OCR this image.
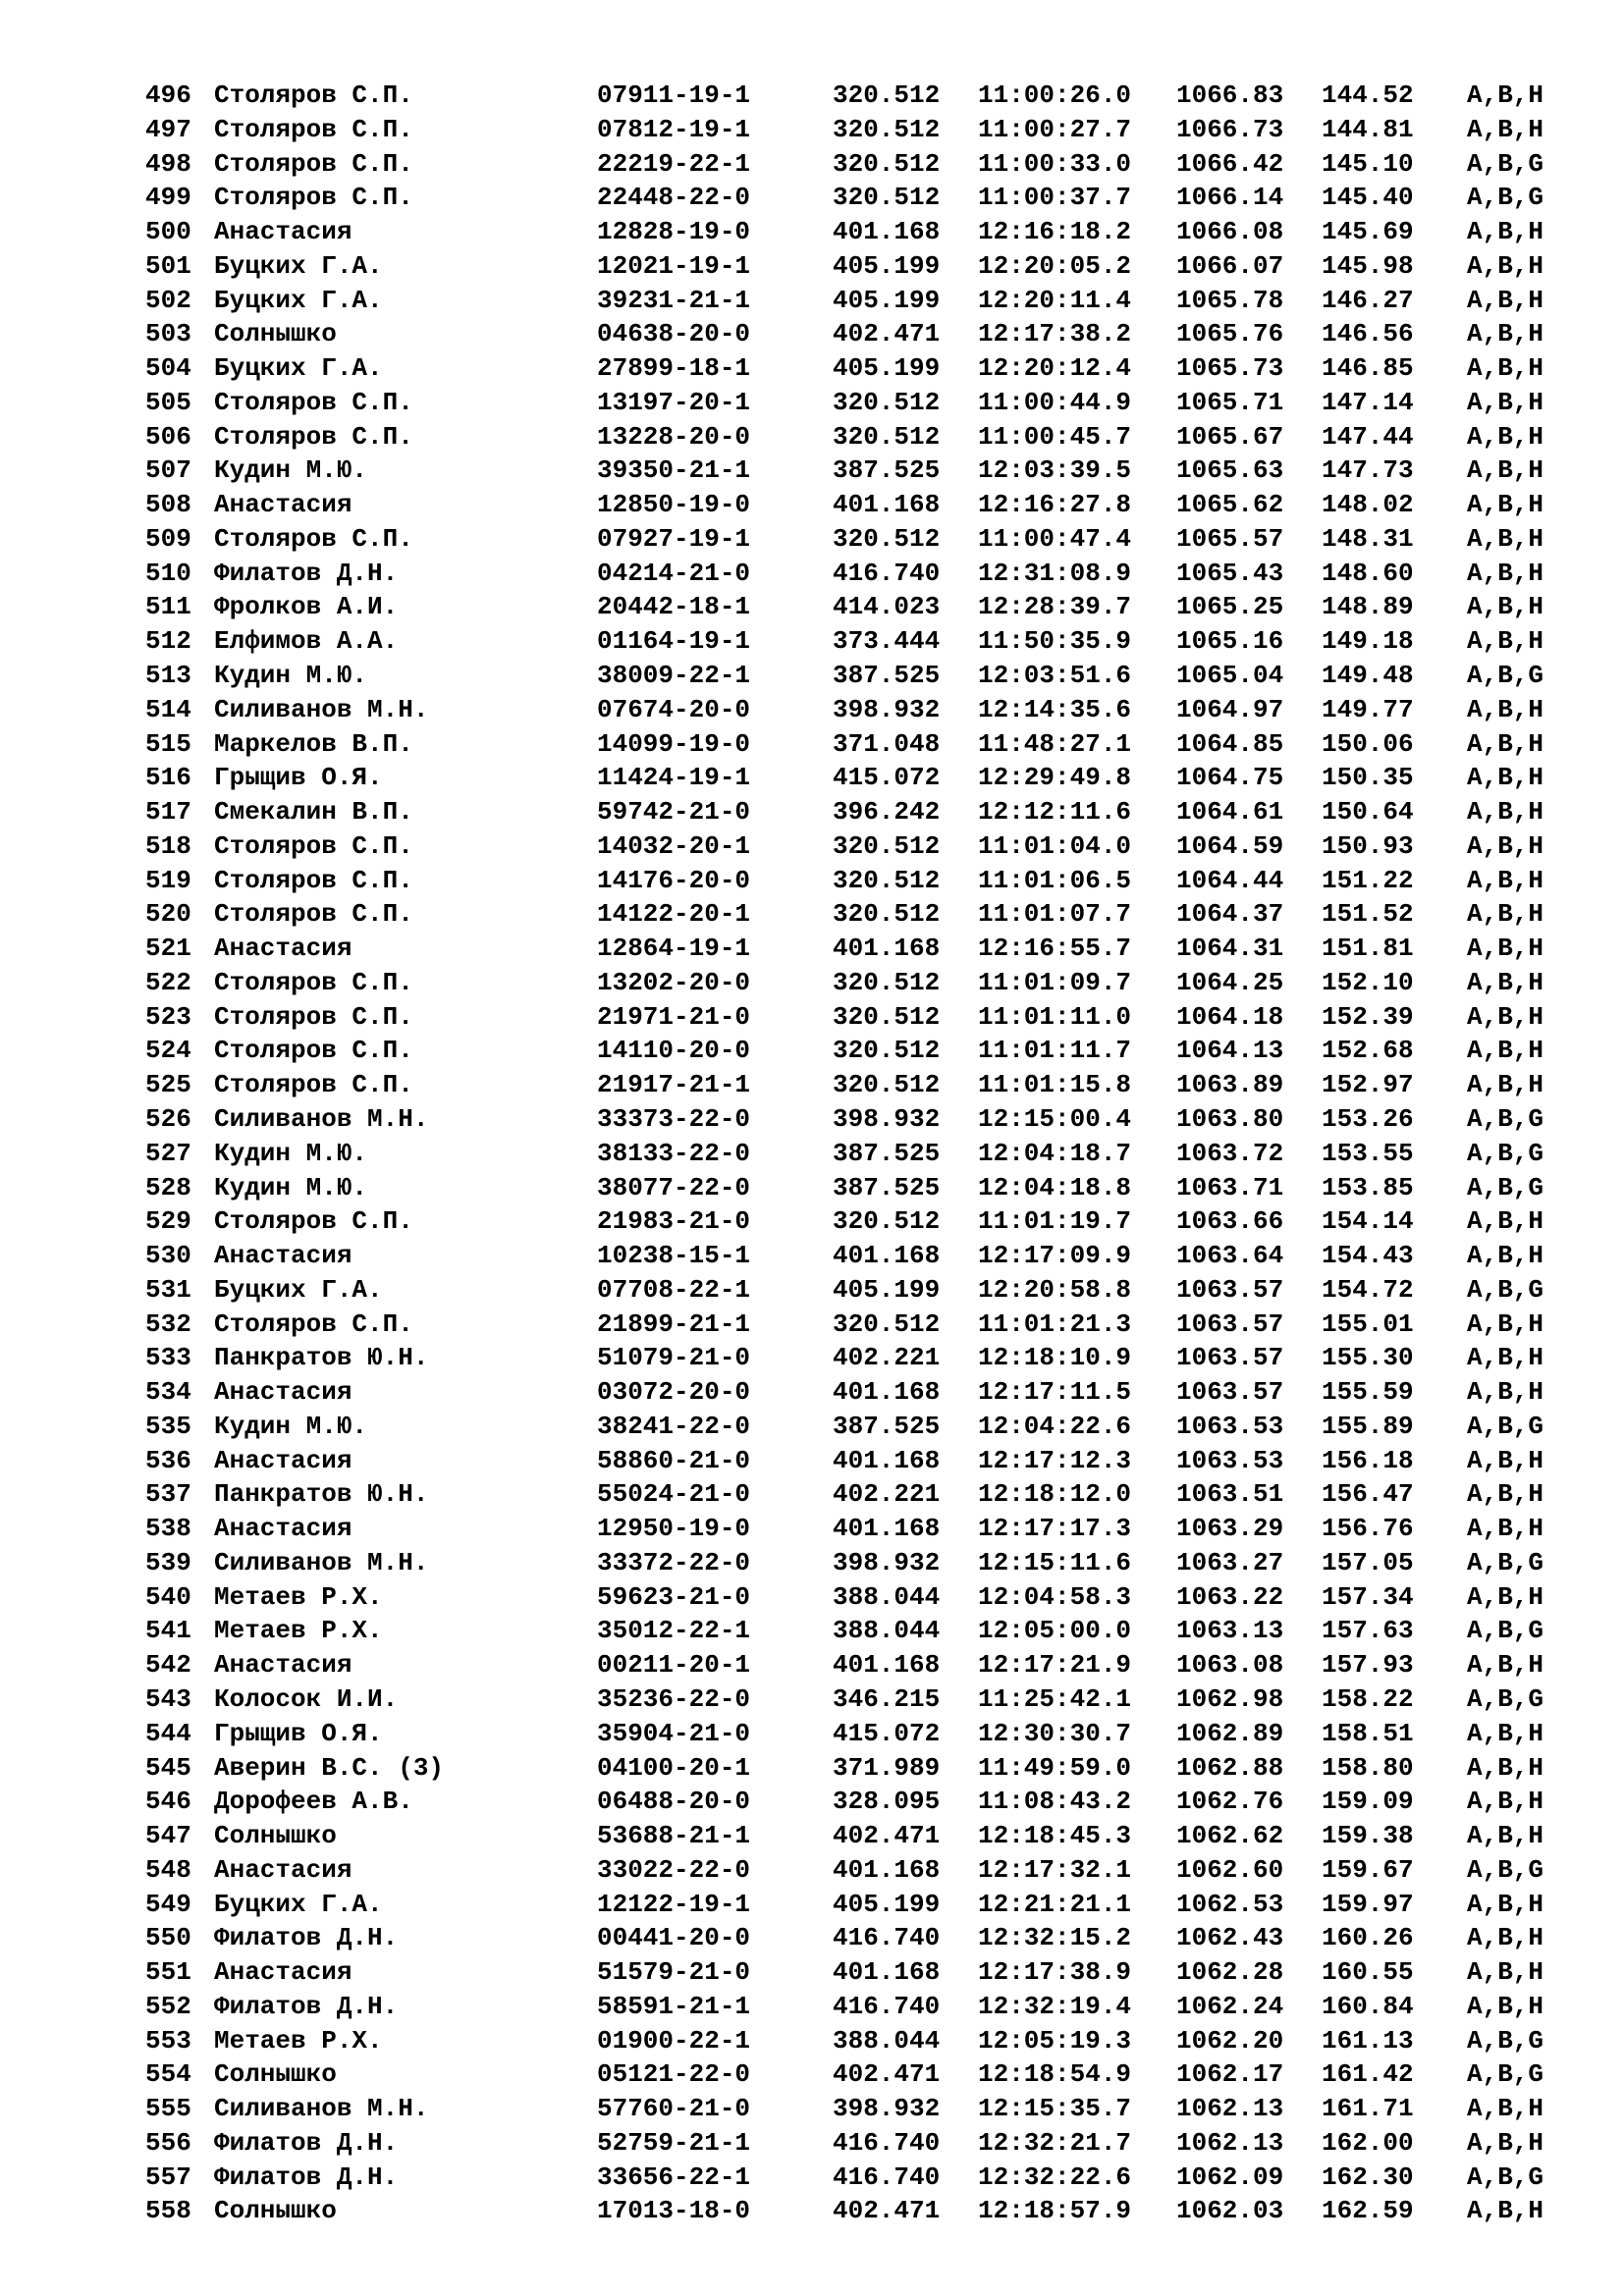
496 Столяров С.П.	07911-19-1	320.512 11:00:26.0 1066.83 144.52 A,B,H
497 Столяров С.П.	07812-19-1	320.512 11:00:27.7 1066.73 144.81 A,B,H
498 Столяров С.П.	22219-22-1	320.512 11:00:33.0 1066.42 145.10 A,B,G
499 Столяров С.П.	22448-22-0	320.512 11:00:37.7 1066.14 145.40 A,B,G
500 Анастасия	12828-19-0	401.168 12:16:18.2 1066.08 145.69 A,B,H
501 Буцких Г.А.	12021-19-1	405.199 12:20:05.2 1066.07 145.98 A,B,H
502 Буцких Г.А.	39231-21-1	405.199 12:20:11.4 1065.78 146.27 A,B,H
503 Солнышко	04638-20-0	402.471 12:17:38.2 1065.76 146.56 A,B,H
504 Буцких Г.А.	27899-18-1	405.199 12:20:12.4 1065.73 146.85 A,B,H
505 Столяров С.П.	13197-20-1	320.512 11:00:44.9 1065.71 147.14 A,B,H
506 Столяров С.П.	13228-20-0	320.512 11:00:45.7 1065.67 147.44 A,B,H
507 Кудин М.Ю.	39350-21-1	387.525 12:03:39.5 1065.63 147.73 A,B,H
508 Анастасия	12850-19-0	401.168 12:16:27.8 1065.62 148.02 A,B,H
509 Столяров С.П.	07927-19-1	320.512 11:00:47.4 1065.57 148.31 A,B,H
510 Филатов Д.Н.	04214-21-0	416.740 12:31:08.9 1065.43 148.60 A,B,H
511 Фролков А.И.	20442-18-1	414.023 12:28:39.7 1065.25 148.89 A,B,H
512 Елфимов А.А.	01164-19-1	373.444 11:50:35.9 1065.16 149.18 A,B,H
513 Кудин М.Ю.	38009-22-1	387.525 12:03:51.6 1065.04 149.48 A,B,G
514 Силиванов М.Н.	07674-20-0	398.932 12:14:35.6 1064.97 149.77 A,B,H
515 Маркелов В.П.	14099-19-0	371.048 11:48:27.1 1064.85 150.06 A,B,H
516 Грыщив О.Я.	11424-19-1	415.072 12:29:49.8 1064.75 150.35 A,B,H
517 Смекалин В.П.	59742-21-0	396.242 12:12:11.6 1064.61 150.64 A,B,H
518 Столяров С.П.	14032-20-1	320.512 11:01:04.0 1064.59 150.93 A,B,H
519 Столяров С.П.	14176-20-0	320.512 11:01:06.5 1064.44 151.22 A,B,H
520 Столяров С.П.	14122-20-1	320.512 11:01:07.7 1064.37 151.52 A,B,H
521 Анастасия	12864-19-1	401.168 12:16:55.7 1064.31 151.81 A,B,H
522 Столяров С.П.	13202-20-0	320.512 11:01:09.7 1064.25 152.10 A,B,H
523 Столяров С.П.	21971-21-0	320.512 11:01:11.0 1064.18 152.39 A,B,H
524 Столяров С.П.	14110-20-0	320.512 11:01:11.7 1064.13 152.68 A,B,H
525 Столяров С.П.	21917-21-1	320.512 11:01:15.8 1063.89 152.97 A,B,H
526 Силиванов М.Н.	33373-22-0	398.932 12:15:00.4 1063.80 153.26 A,B,G
527 Кудин М.Ю.	38133-22-0	387.525 12:04:18.7 1063.72 153.55 A,B,G
528 Кудин М.Ю.	38077-22-0	387.525 12:04:18.8 1063.71 153.85 A,B,G
529 Столяров С.П.	21983-21-0	320.512 11:01:19.7 1063.66 154.14 A,B,H
530 Анастасия	10238-15-1	401.168 12:17:09.9 1063.64 154.43 A,B,H
531 Буцких Г.А.	07708-22-1	405.199 12:20:58.8 1063.57 154.72 A,B,G
532 Столяров С.П.	21899-21-1	320.512 11:01:21.3 1063.57 155.01 A,B,H
533 Панкратов Ю.Н.	51079-21-0	402.221 12:18:10.9 1063.57 155.30 A,B,H
534 Анастасия	03072-20-0	401.168 12:17:11.5 1063.57 155.59 A,B,H
535 Кудин М.Ю.	38241-22-0	387.525 12:04:22.6 1063.53 155.89 A,B,G
536 Анастасия	58860-21-0	401.168 12:17:12.3 1063.53 156.18 A,B,H
537 Панкратов Ю.Н.	55024-21-0	402.221 12:18:12.0 1063.51 156.47 A,B,H
538 Анастасия	12950-19-0	401.168 12:17:17.3 1063.29 156.76 A,B,H
539 Силиванов М.Н.	33372-22-0	398.932 12:15:11.6 1063.27 157.05 A,B,G
540 Метаев Р.Х.	59623-21-0	388.044 12:04:58.3 1063.22 157.34 A,B,H
541 Метаев Р.Х.	35012-22-1	388.044 12:05:00.0 1063.13 157.63 A,B,G
542 Анастасия	00211-20-1	401.168 12:17:21.9 1063.08 157.93 A,B,H
543 Колосок И.И.	35236-22-0	346.215 11:25:42.1 1062.98 158.22 A,B,G
544 Грыщив О.Я.	35904-21-0	415.072 12:30:30.7 1062.89 158.51 A,B,H
545 Аверин В.С. (3)	04100-20-1	371.989 11:49:59.0 1062.88 158.80 A,B,H
546 Дорофеев А.В.	06488-20-0	328.095 11:08:43.2 1062.76 159.09 A,B,H
547 Солнышко	53688-21-1	402.471 12:18:45.3 1062.62 159.38 A,B,H
548 Анастасия	33022-22-0	401.168 12:17:32.1 1062.60 159.67 A,B,G
549 Буцких Г.А.	12122-19-1	405.199 12:21:21.1 1062.53 159.97 A,B,H
550 Филатов Д.Н.	00441-20-0	416.740 12:32:15.2 1062.43 160.26 A,B,H
551 Анастасия	51579-21-0	401.168 12:17:38.9 1062.28 160.55 A,B,H
552 Филатов Д.Н.	58591-21-1	416.740 12:32:19.4 1062.24 160.84 A,B,H
553 Метаев Р.Х.	01900-22-1	388.044 12:05:19.3 1062.20 161.13 A,B,G
554 Солнышко	05121-22-0	402.471 12:18:54.9 1062.17 161.42 A,B,G
555 Силиванов М.Н.	57760-21-0	398.932 12:15:35.7 1062.13 161.71 A,B,H
556 Филатов Д.Н.	52759-21-1	416.740 12:32:21.7 1062.13 162.00 A,B,H
557 Филатов Д.Н.	33656-22-1	416.740 12:32:22.6 1062.09 162.30 A,B,G
558 Солнышко	17013-18-0	402.471 12:18:57.9 1062.03 162.59 A,B,H
